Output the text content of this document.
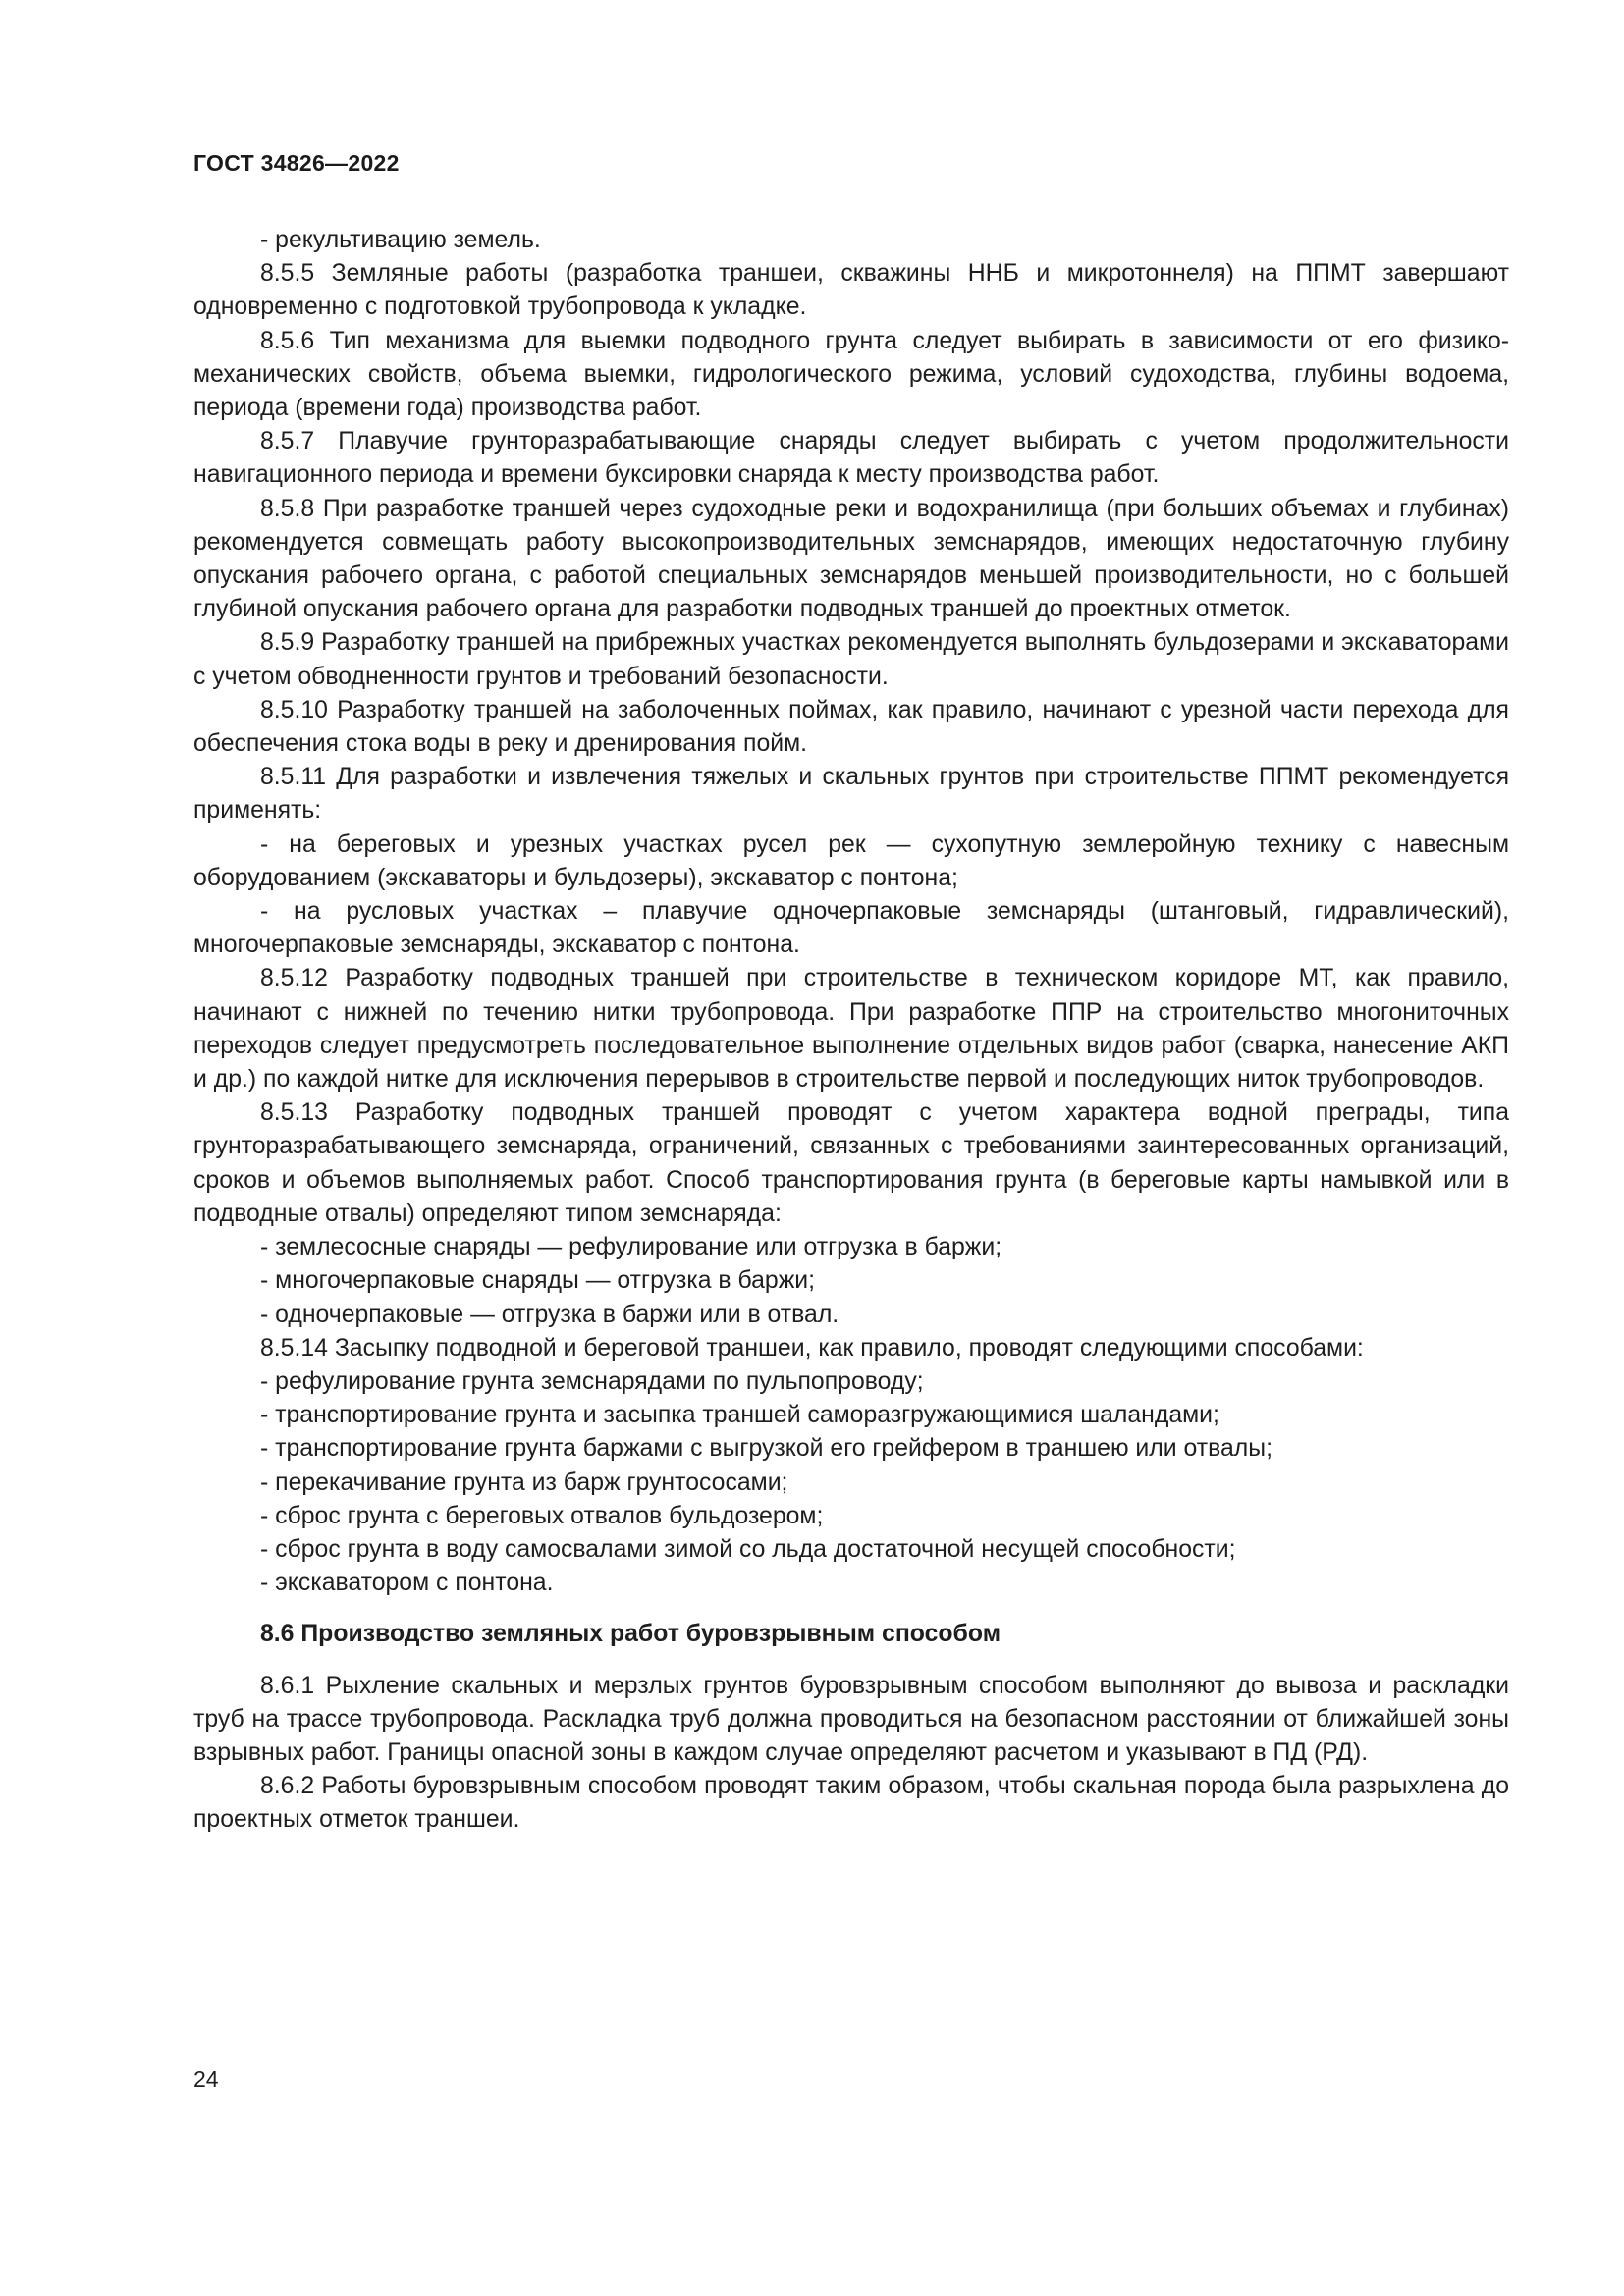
ГОСТ 34826—2022

- рекультивацию земель.

8.5.5 Земляные работы (разработка траншеи, скважины ННБ и микротоннеля) на ППМТ завершают одновременно с подготовкой трубопровода к укладке.

8.5.6 Тип механизма для выемки подводного грунта следует выбирать в зависимости от его физико-механических свойств, объема выемки, гидрологического режима, условий судоходства, глубины водоема, периода (времени года) производства работ.

8.5.7 Плавучие грунторазрабатывающие снаряды следует выбирать с учетом продолжительности навигационного периода и времени буксировки снаряда к месту производства работ.

8.5.8 При разработке траншей через судоходные реки и водохранилища (при больших объемах и глубинах) рекомендуется совмещать работу высокопроизводительных земснарядов, имеющих недостаточную глубину опускания рабочего органа, с работой специальных земснарядов меньшей производительности, но с большей глубиной опускания рабочего органа для разработки подводных траншей до проектных отметок.

8.5.9 Разработку траншей на прибрежных участках рекомендуется выполнять бульдозерами и экскаваторами с учетом обводненности грунтов и требований безопасности.

8.5.10 Разработку траншей на заболоченных поймах, как правило, начинают с урезной части перехода для обеспечения стока воды в реку и дренирования пойм.

8.5.11 Для разработки и извлечения тяжелых и скальных грунтов при строительстве ППМТ рекомендуется применять:

- на береговых и урезных участках русел рек — сухопутную землеройную технику с навесным оборудованием (экскаваторы и бульдозеры), экскаватор с понтона;

- на русловых участках – плавучие одночерпаковые земснаряды (штанговый, гидравлический), многочерпаковые земснаряды, экскаватор с понтона.

8.5.12 Разработку подводных траншей при строительстве в техническом коридоре МТ, как правило, начинают с нижней по течению нитки трубопровода. При разработке ППР на строительство многониточных переходов следует предусмотреть последовательное выполнение отдельных видов работ (сварка, нанесение АКП и др.) по каждой нитке для исключения перерывов в строительстве первой и последующих ниток трубопроводов.

8.5.13 Разработку подводных траншей проводят с учетом характера водной преграды, типа грунторазрабатывающего земснаряда, ограничений, связанных с требованиями заинтересованных организаций, сроков и объемов выполняемых работ. Способ транспортирования грунта (в береговые карты намывкой или в подводные отвалы) определяют типом земснаряда:

- землесосные снаряды — рефулирование или отгрузка в баржи;
- многочерпаковые снаряды — отгрузка в баржи;
- одночерпаковые — отгрузка в баржи или в отвал.

8.5.14 Засыпку подводной и береговой траншеи, как правило, проводят следующими способами:

- рефулирование грунта земснарядами по пульпопроводу;
- транспортирование грунта и засыпка траншей саморазгружающимися шаландами;
- транспортирование грунта баржами с выгрузкой его грейфером в траншею или отвалы;
- перекачивание грунта из барж грунтососами;
- сброс грунта с береговых отвалов бульдозером;
- сброс грунта в воду самосвалами зимой со льда достаточной несущей способности;
- экскаватором с понтона.
8.6 Производство земляных работ буровзрывным способом

8.6.1 Рыхление скальных и мерзлых грунтов буровзрывным способом выполняют до вывоза и раскладки труб на трассе трубопровода. Раскладка труб должна проводиться на безопасном расстоянии от ближайшей зоны взрывных работ. Границы опасной зоны в каждом случае определяют расчетом и указывают в ПД (РД).

8.6.2 Работы буровзрывным способом проводят таким образом, чтобы скальная порода была разрыхлена до проектных отметок траншеи.

24
